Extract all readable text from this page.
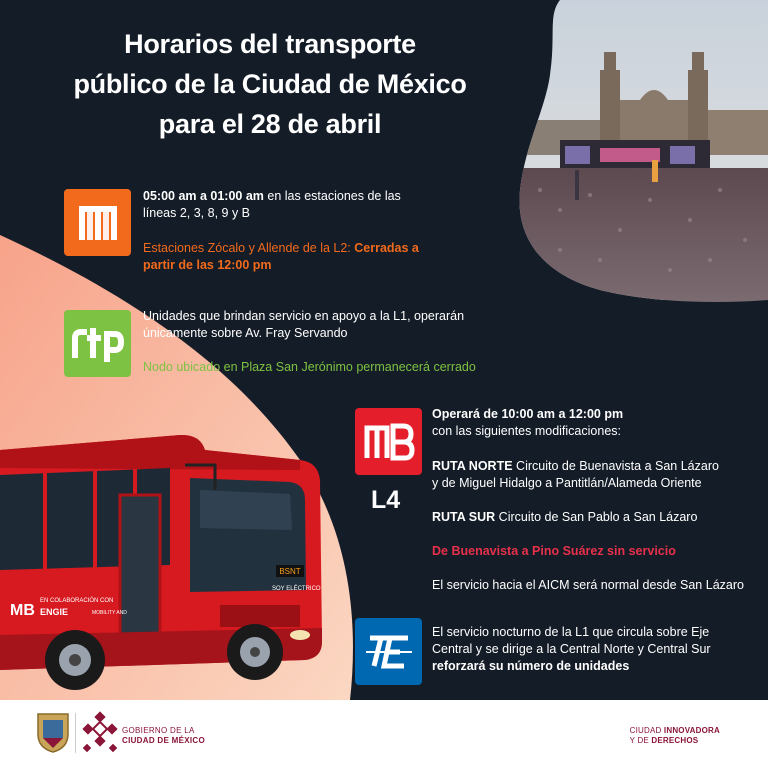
Horarios del transporte
público de la Ciudad de México
para el 28 de abril
05:00 am a 01:00 am en las estaciones de las
líneas 2, 3, 8, 9 y B
Estaciones Zócalo y Allende de la L2: Cerradas a
partir de las 12:00 pm
Unidades que brindan servicio en apoyo a la L1, operarán
únicamente sobre Av. Fray Servando
Nodo ubicado en Plaza San Jerónimo permanecerá cerrado
L4
Operará de 10:00 am a 12:00 pm
con las siguientes modificaciones:
RUTA NORTE Circuito de Buenavista a San Lázaro
y de Miguel Hidalgo a Pantitlán/Alameda Oriente
RUTA SUR Circuito de San Pablo a San Lázaro
De Buenavista a Pino Suárez sin servicio
El servicio hacia el AICM será normal desde San Lázaro
El servicio nocturno de la L1 que circula sobre Eje
Central y se dirige a la Central Norte y Central Sur
reforzará su número de unidades
BSNT
SOY ELÉCTRICO
MB
EN COLABORACIÓN CON
ENGIE	MOBILITY AND
GOBIERNO DE LA
CIUDAD DE MÉXICO
CIUDAD INNOVADORA
Y DE DERECHOS
